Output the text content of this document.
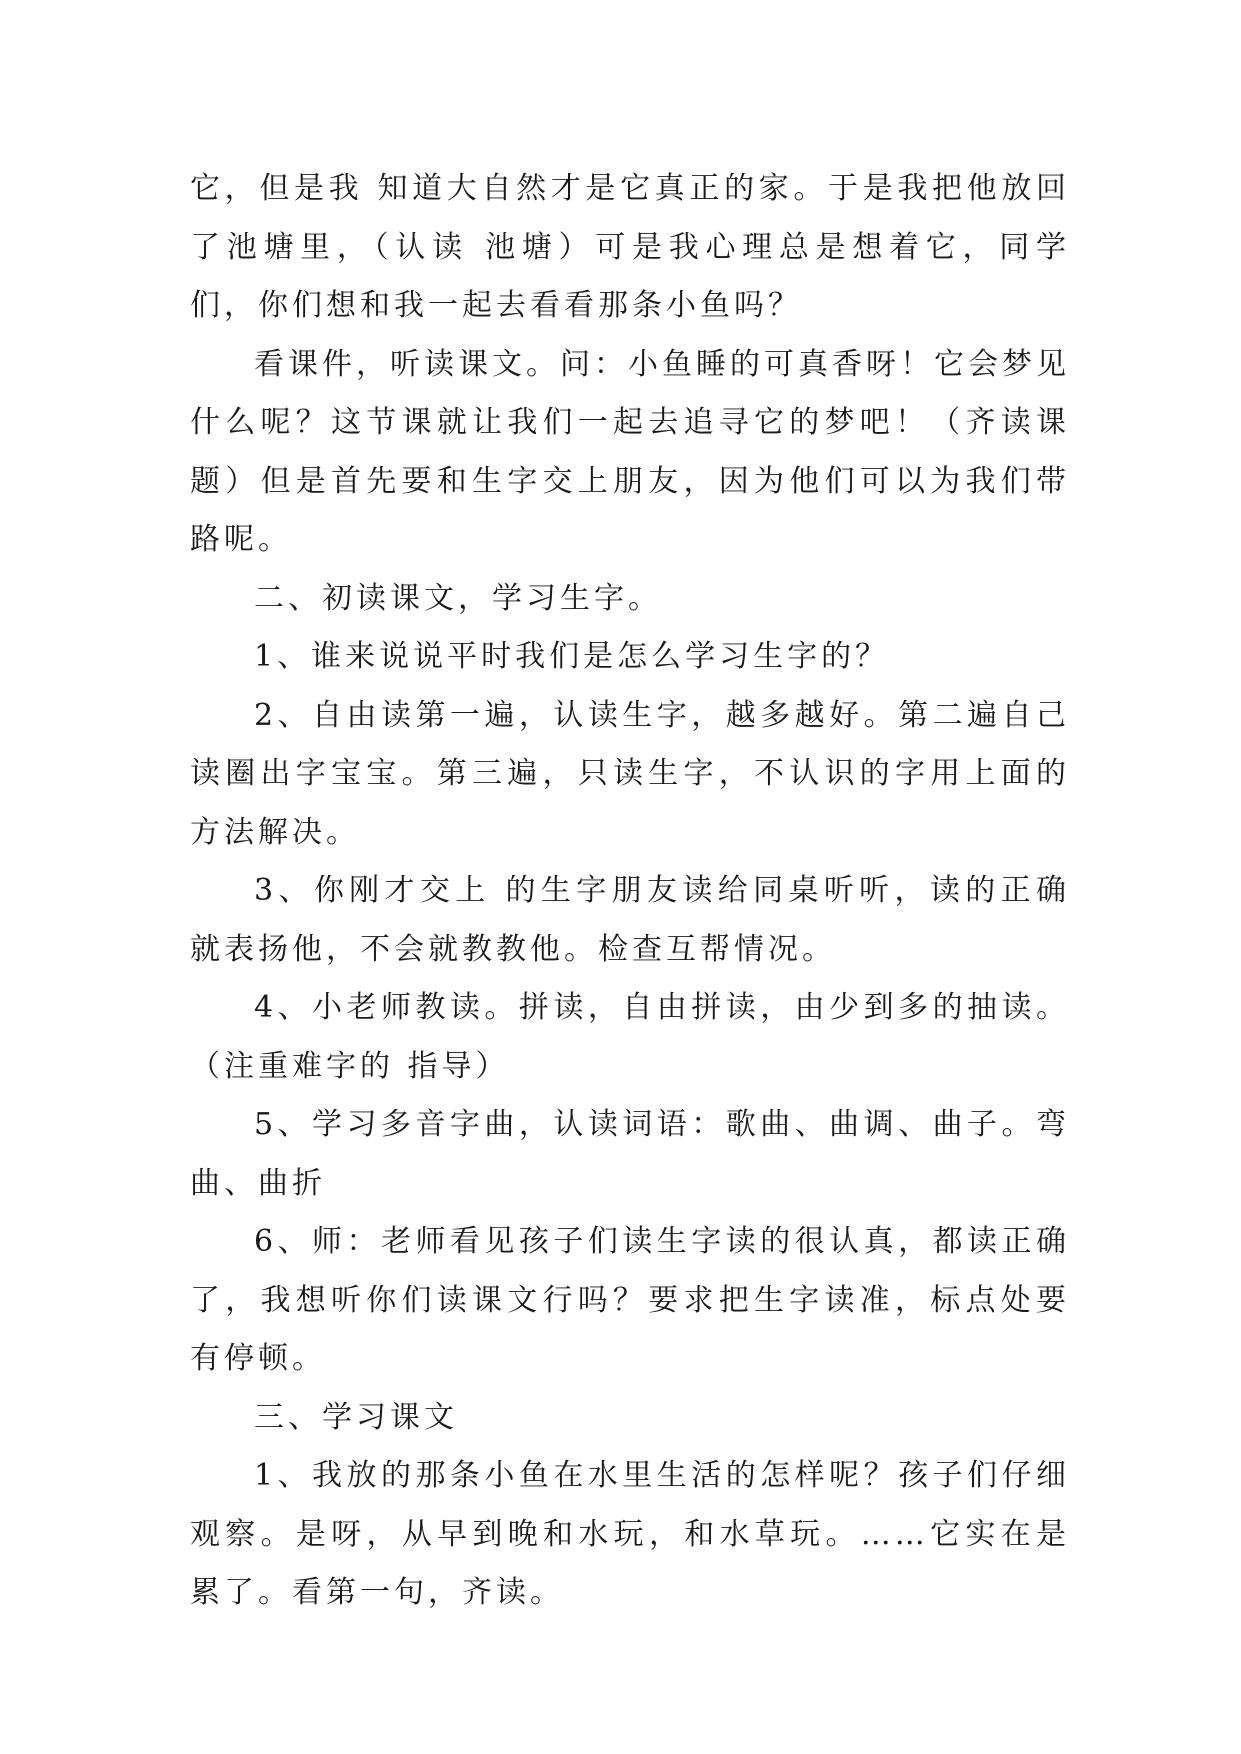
它，但是我 知道大自然才是它真正的家。于是我把他放回了池塘里，（认读 池塘）可是我心理总是想着它，同学们，你们想和我一起去看看那条小鱼吗？

看课件，听读课文。问：小鱼睡的可真香呀！它会梦见什么呢？这节课就让我们一起去追寻它的梦吧！（齐读课题）但是首先要和生字交上朋友，因为他们可以为我们带路呢。

二、初读课文，学习生字。

1、谁来说说平时我们是怎么学习生字的？

2、自由读第一遍，认读生字，越多越好。第二遍自己读圈出字宝宝。第三遍，只读生字，不认识的字用上面的方法解决。

3、你刚才交上 的生字朋友读给同桌听听，读的正确就表扬他，不会就教教他。检查互帮情况。

4、小老师教读。拼读，自由拼读，由少到多的抽读。（注重难字的 指导）

5、学习多音字曲，认读词语：歌曲、曲调、曲子。弯曲、曲折

6、师：老师看见孩子们读生字读的很认真，都读正确了，我想听你们读课文行吗？要求把生字读准，标点处要有停顿。

三、学习课文

1、我放的那条小鱼在水里生活的怎样呢？孩子们仔细观察。是呀，从早到晚和水玩，和水草玩。……它实在是累了。看第一句，齐读。
